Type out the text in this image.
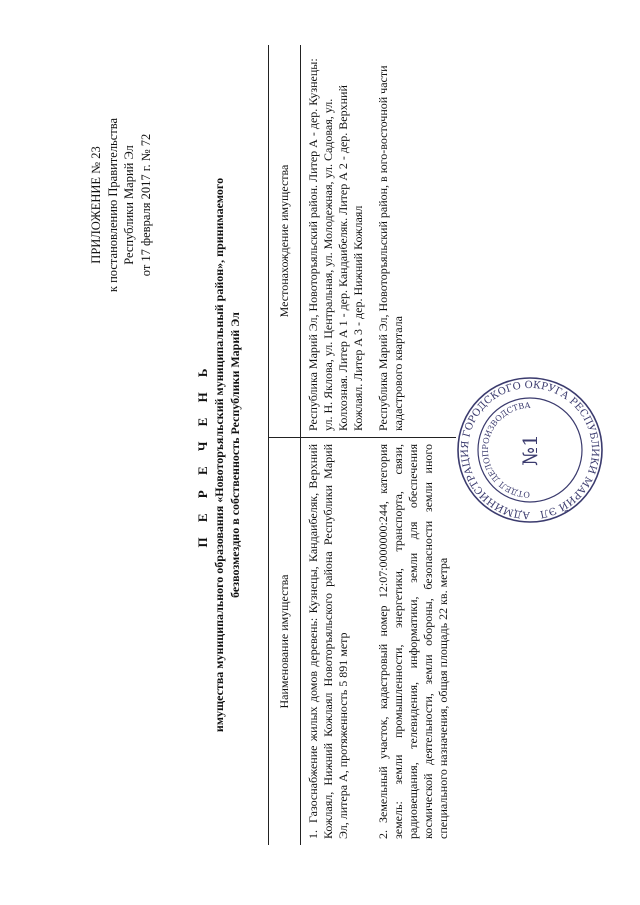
ПРИЛОЖЕНИЕ № 23 к постановлению Правительства Республики Марий Эл от 17 февраля 2017 г. № 72
П Е Р Е Ч Е Н Ь имущества муниципального образования «Новоторъяльский муниципальный район», принимаемого безвозмездно в собственность Республики Марий Эл
Наименование имущества	Местонахождение имущества
1.Газоснабжение жилых домов деревень: Кузнецы, Кандаибеляк, Верхний Кожлаял, Нижний Кожлаял Новоторъяльского района Республики Марий Эл, литера А, протяженность 5 891 метр	Республика Марий Эл, Новоторъяльский район. Литер А - дер. Кузнецы: ул. Н. Яклова, ул. Центральная, ул. Молодежная, ул. Садовая, ул. Колхозная. Литер А 1 - дер. Кандаибеляк. Литер А 2 - дер. Верхний Кожлаял. Литер А 3 - дер. Нижний Кожлаял
2.Земельный участок, кадастровый номер 12:07:0000000:244, категория земель: земли промышленности, энергетики, транспорта, связи, радиовещания, телевидения, информатики, земли для обеспечения космической деятельности, земли обороны, безопасности земли иного специального назначения, общая площадь 22 кв. метра	Республика Марий Эл, Новоторъяльский район, в юго-восточной части кадастрового квартала
АДМИНИСТРАЦИЯ ГОРОДСКОГО ОКРУГА РЕСПУБЛИКИ МАРИЙ ЭЛ
ОТДЕЛ ДЕЛОПРОИЗВОДСТВА
№1
